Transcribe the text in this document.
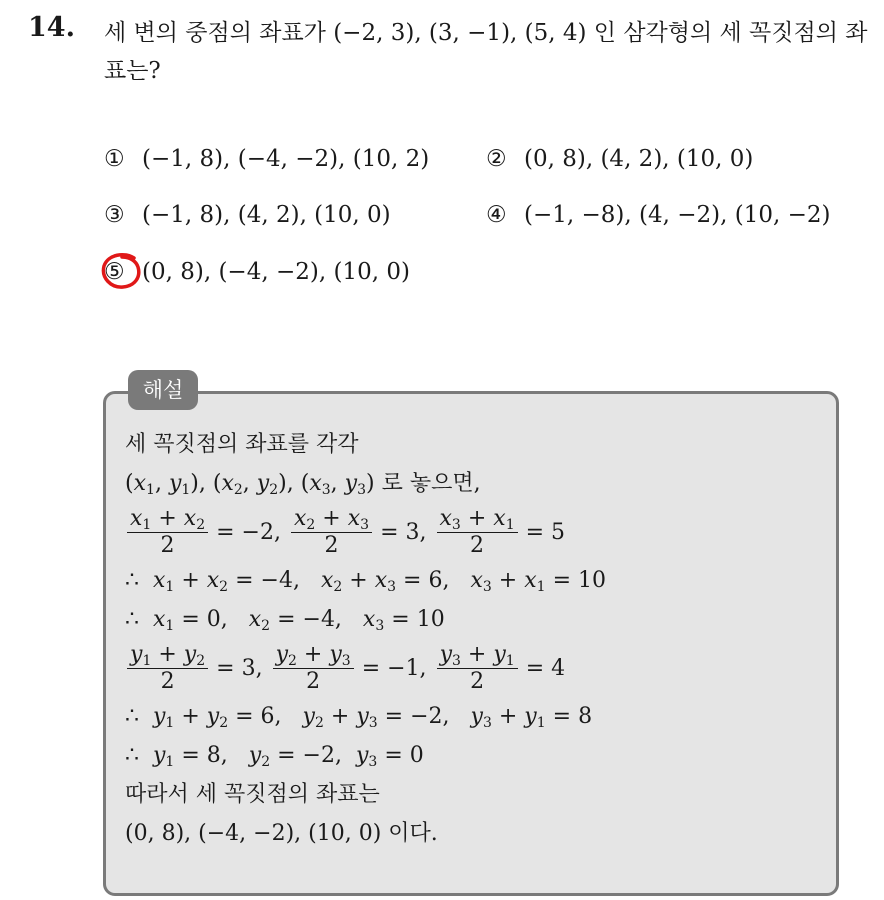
14. 세 변의 중점의 좌표가 (−2, 3), (3, −1), (5, 4) 인 삼각형의 세 꼭짓점의 좌표는?
① (−1, 8), (−4, −2), (10, 2) ② (0, 8), (4, 2), (10, 0)
③ (−1, 8), (4, 2), (10, 0)	④ (−1, −8), (4, −2), (10, −2)
⑤ (0, 8), (−4, −2), (10, 0)
해설
세 꼭짓점의 좌표를 각각
($x_1$, $y_1$), ($x_2$, $y_2$), ($x_3$, $y_3$) 로 놓으면,
$\frac{x_1 + x_2}{2} = -2$, $\frac{x_2 + x_3}{2} = 3$, $\frac{x_3 + x_1}{2} = 5$
∴  $x_1 + x_2 = -4$, $x_2 + x_3 = 6$, $x_3 + x_1 = 10$
∴  $x_1 = 0$, $x_2 = -4$, $x_3 = 10$
$\frac{y_1 + y_2}{2} = 3$, $\frac{y_2 + y_3}{2} = -1$, $\frac{y_3 + y_1}{2} = 4$
∴  $y_1 + y_2 = 6$, $y_2 + y_3 = -2$, $y_3 + y_1 = 8$
∴  $y_1 = 8$, $y_2 = -2$, $y_3 = 0$
따라서 세 꼭짓점의 좌표는
(0, 8), (−4, −2), (10, 0) 이다.
